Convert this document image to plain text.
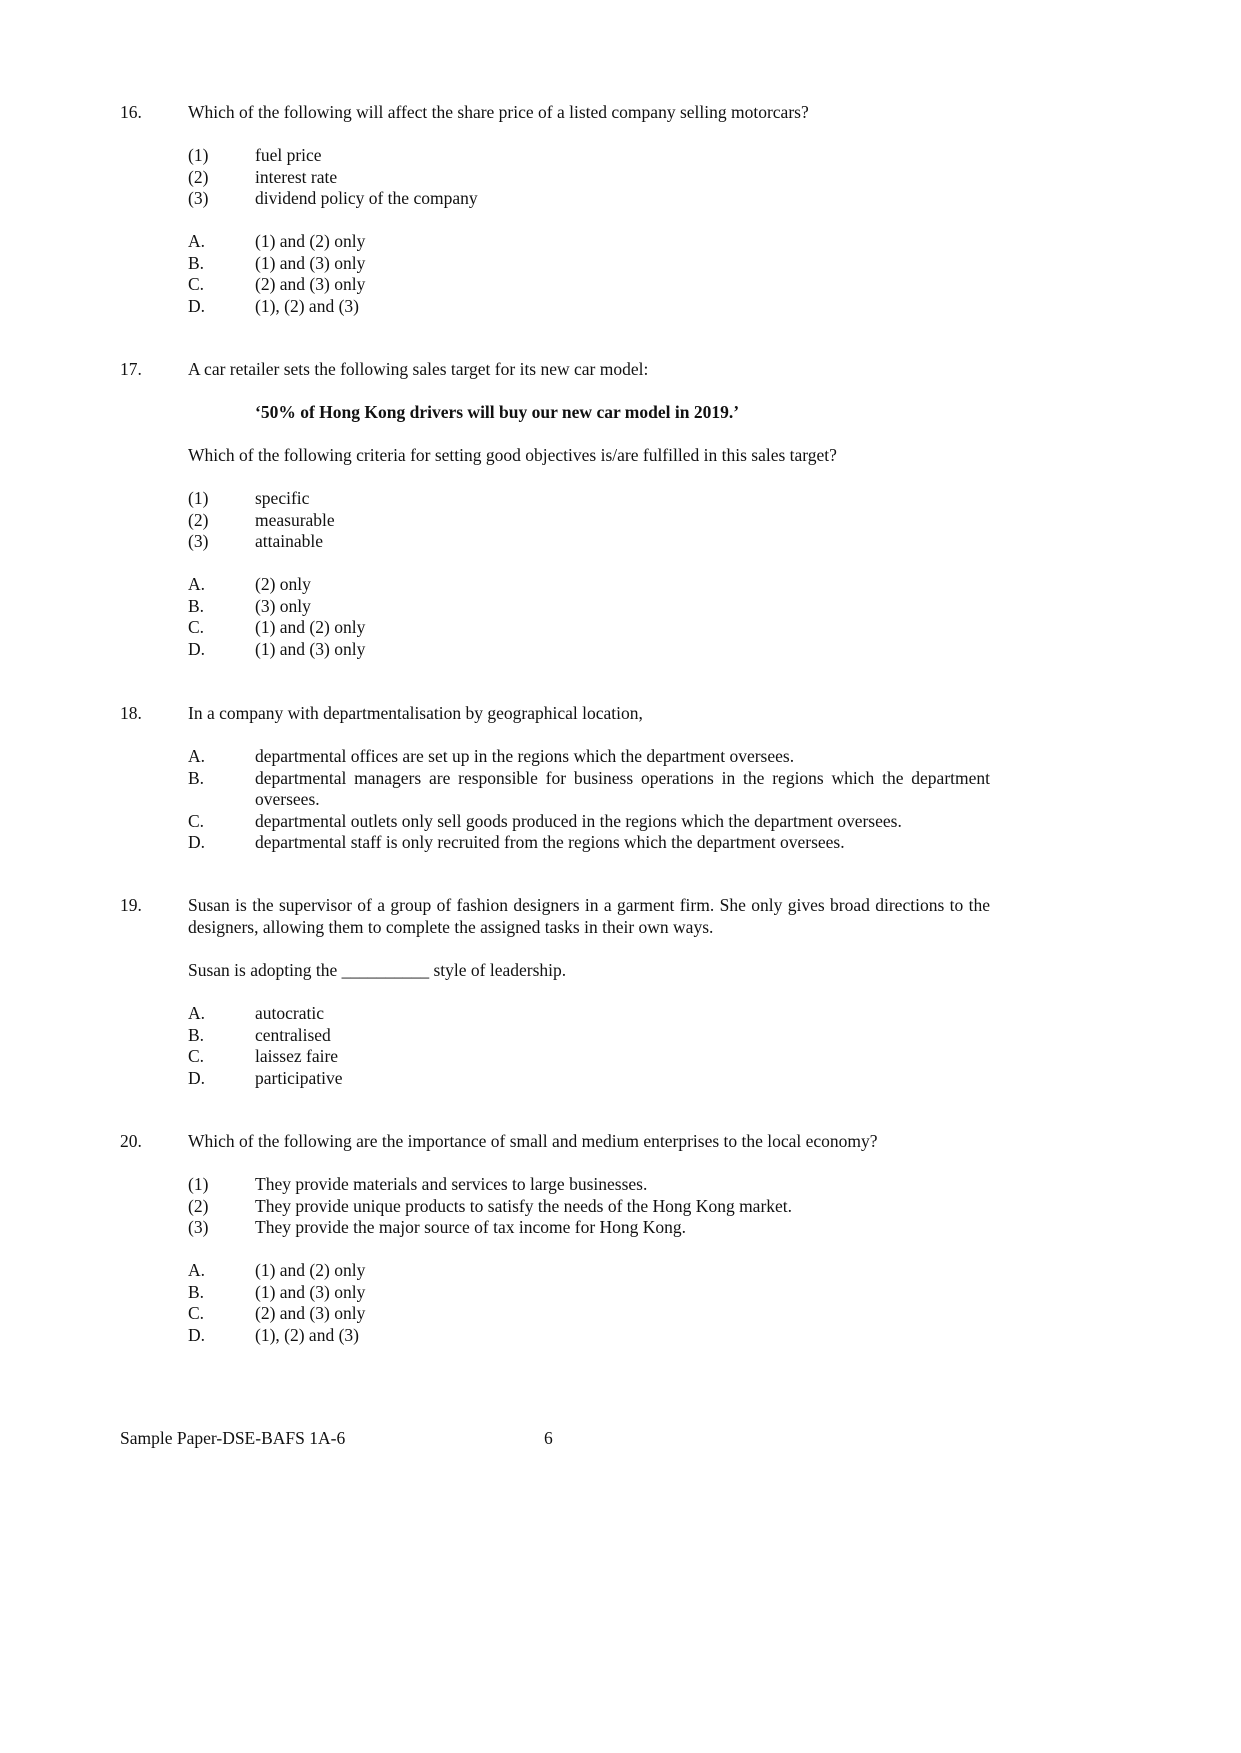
16.	Which of the following will affect the share price of a listed company selling motorcars?
(1)	fuel price
(2)	interest rate
(3)	dividend policy of the company
A.	(1) and (2) only
B.	(1) and (3) only
C.	(2) and (3) only
D.	(1), (2) and (3)
17.	A car retailer sets the following sales target for its new car model:
‘50% of Hong Kong drivers will buy our new car model in 2019.’
Which of the following criteria for setting good objectives is/are fulfilled in this sales target?
(1)	specific
(2)	measurable
(3)	attainable
A.	(2) only
B.	(3) only
C.	(1) and (2) only
D.	(1) and (3) only
18.	In a company with departmentalisation by geographical location,
A.	departmental offices are set up in the regions which the department oversees.
B.	departmental managers are responsible for business operations in the regions which the department oversees.
C.	departmental outlets only sell goods produced in the regions which the department oversees.
D.	departmental staff is only recruited from the regions which the department oversees.
19.	Susan is the supervisor of a group of fashion designers in a garment firm. She only gives broad directions to the designers, allowing them to complete the assigned tasks in their own ways.
Susan is adopting the __________ style of leadership.
A.	autocratic
B.	centralised
C.	laissez faire
D.	participative
20.	Which of the following are the importance of small and medium enterprises to the local economy?
(1)	They provide materials and services to large businesses.
(2)	They provide unique products to satisfy the needs of the Hong Kong market.
(3)	They provide the major source of tax income for Hong Kong.
A.	(1) and (2) only
B.	(1) and (3) only
C.	(2) and (3) only
D.	(1), (2) and (3)
Sample Paper-DSE-BAFS 1A-6	6
